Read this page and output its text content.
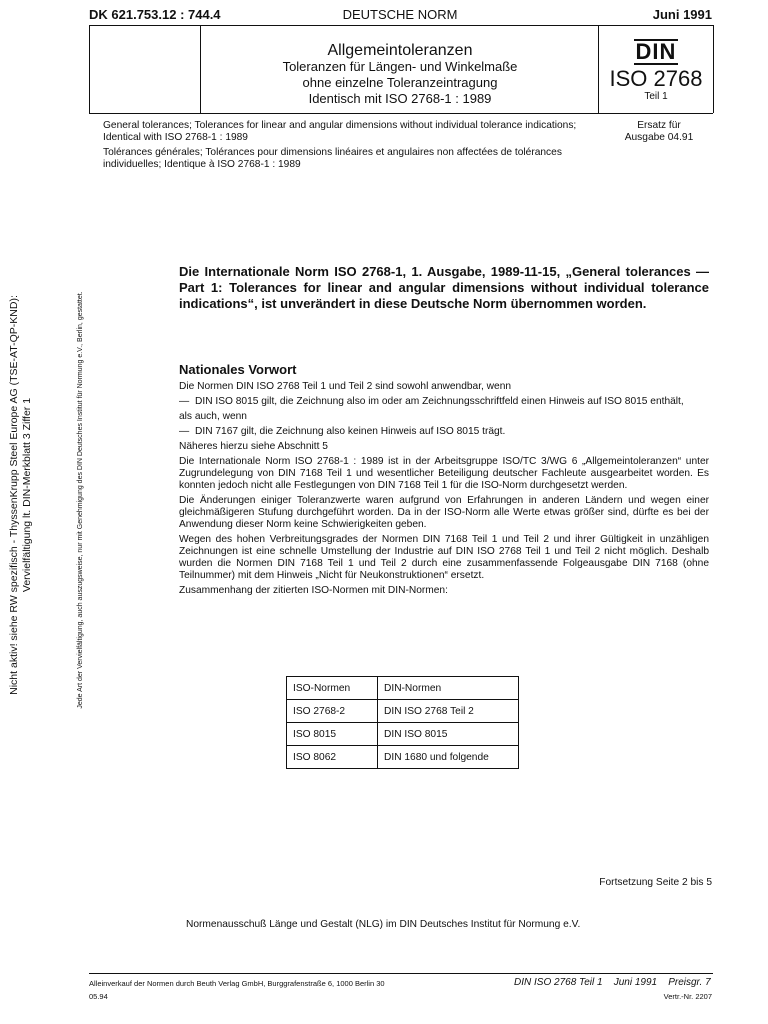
DK 621.753.12 : 744.4	DEUTSCHE NORM	Juni 1991
Allgemeintoleranzen
Toleranzen für Längen- und Winkelmaße
ohne einzelne Toleranzeintragung
Identisch mit ISO 2768-1 : 1989
DIN
ISO 2768
Teil 1

General tolerances; Tolerances for linear and angular dimensions without individual tolerance indications; Identical with ISO 2768-1 : 1989

Tolérances générales; Tolérances pour dimensions linéaires et angulaires non affectées de tolérances individuelles; Identique à ISO 2768-1 : 1989

Ersatz für
Ausgabe 04.91
Nicht aktiv! siehe RW spezifisch - ThyssenKrupp Steel Europe AG (TSE-AT-QP-KND): Vervielfältigung lt. DIN-Merkblatt 3 Ziffer 1	Jede Art der Vervielfältigung, auch auszugsweise, nur mit Genehmigung des DIN Deutsches Institut für Normung e.V., Berlin, gestattet.
Die Internationale Norm ISO 2768-1, 1. Ausgabe, 1989-11-15, „General tolerances — Part 1: Tolerances for linear and angular dimensions without individual tolerance indications“, ist unverändert in diese Deutsche Norm übernommen worden.
Nationales Vorwort

Die Normen DIN ISO 2768 Teil 1 und Teil 2 sind sowohl anwendbar, wenn

— DIN ISO 8015 gilt, die Zeichnung also im oder am Zeichnungsschriftfeld einen Hinweis auf ISO 8015 enthält,

als auch, wenn

— DIN 7167 gilt, die Zeichnung also keinen Hinweis auf ISO 8015 trägt.

Näheres hierzu siehe Abschnitt 5

Die Internationale Norm ISO 2768-1 : 1989 ist in der Arbeitsgruppe ISO/TC 3/WG 6 „Allgemeintoleranzen“ unter Zugrundelegung von DIN 7168 Teil 1 und wesentlicher Beteiligung deutscher Fachleute ausgearbeitet worden. Es konnten jedoch nicht alle Festlegungen von DIN 7168 Teil 1 für die ISO-Norm durchgesetzt werden.

Die Änderungen einiger Toleranzwerte waren aufgrund von Erfahrungen in anderen Ländern und wegen einer gleichmäßigeren Stufung durchgeführt worden. Da in der ISO-Norm alle Werte etwas größer sind, dürfte es bei der Anwendung dieser Norm keine Schwierigkeiten geben.

Wegen des hohen Verbreitungsgrades der Normen DIN 7168 Teil 1 und Teil 2 und ihrer Gültigkeit in unzähligen Zeichnungen ist eine schnelle Umstellung der Industrie auf DIN ISO 2768 Teil 1 und Teil 2 nicht möglich. Deshalb wurden die Normen DIN 7168 Teil 1 und Teil 2 durch eine zusammenfassende Folgeausgabe DIN 7168 (ohne Teilnummer) mit dem Hinweis „Nicht für Neukonstruktionen“ ersetzt.

Zusammenhang der zitierten ISO-Normen mit DIN-Normen:

ISO-Normen	DIN-Normen
ISO 2768-2	DIN ISO 2768 Teil 2
ISO 8015	DIN ISO 8015
ISO 8062	DIN 1680 und folgende
Fortsetzung Seite 2 bis 5
Normenausschuß Länge und Gestalt (NLG) im DIN Deutsches Institut für Normung e.V.
Alleinverkauf der Normen durch Beuth Verlag GmbH, Burggrafenstraße 6, 1000 Berlin 30
05.94
DIN ISO 2768 Teil 1 Juni 1991 Preisgr. 7
Vertr.-Nr. 2207
